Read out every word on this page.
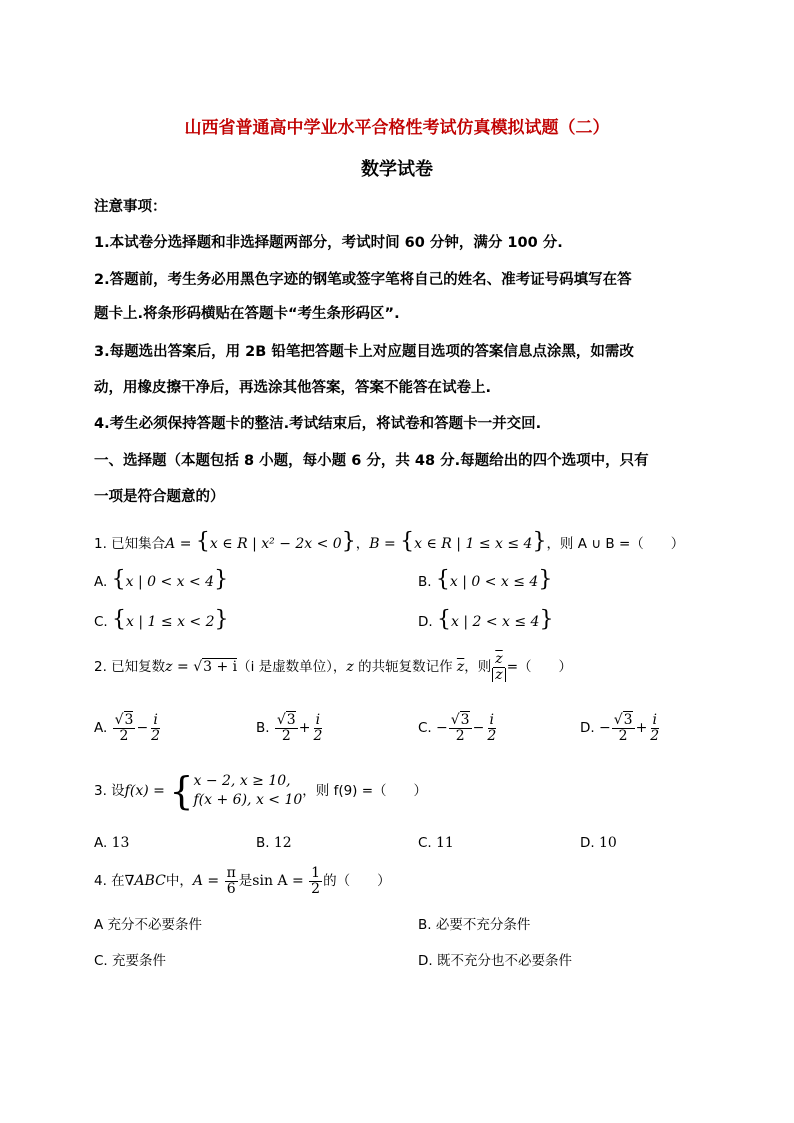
山西省普通高中学业水平合格性考试仿真模拟试题（二）
数学试卷
注意事项：
1.本试卷分选择题和非选择题两部分，考试时间 60 分钟，满分 100 分.
2.答题前，考生务必用黑色字迹的钢笔或签字笔将自己的姓名、准考证号码填写在答
题卡上.将条形码横贴在答题卡“考生条形码区”.
3.每题选出答案后，用 2B 铅笔把答题卡上对应题目选项的答案信息点涂黑，如需改
动，用橡皮擦干净后，再选涂其他答案，答案不能答在试卷上.
4.考生必须保持答题卡的整洁.考试结束后，将试卷和答题卡一并交回.
一、选择题（本题包括 8 小题，每小题 6 分，共 48 分.每题给出的四个选项中，只有
一项是符合题意的）
1. 已知集合A = {x ∈ R | x² − 2x < 0}，B = {x ∈ R | 1 ≤ x ≤ 4}，则 A ∪ B =（　　）
A. {x | 0 < x < 4}	B. {x | 0 < x ≤ 4}
C. {x | 1 ≤ x < 2}	D. {x | 2 < x ≤ 4}
2. 已知复数z = √3 + i（i 是虚数单位），z 的共轭复数记作 $\overline{z}$，则 $\frac{\overline{z}}{z}$ =（　　）
A. $\frac{√3}{2} - \frac{i}{2}$	B. $\frac{√3}{2} + \frac{i}{2}$	C. − $\frac{√3}{2} - \frac{i}{2}$	D. − $\frac{√3}{2} + \frac{i}{2}$
3. 设f(x) = { x − 2, x ≥ 10,
f(x + 6), x < 10
，则 f(9) =（　　）
A. 13	B. 12	C. 11	D. 10
4. 在∇ABC中，$A = \frac{\pi}{6}$ 是$\sin A = \frac{1}{2}$ 的（　　）
A 充分不必要条件	B. 必要不充分条件
C. 充要条件	D. 既不充分也不必要条件
